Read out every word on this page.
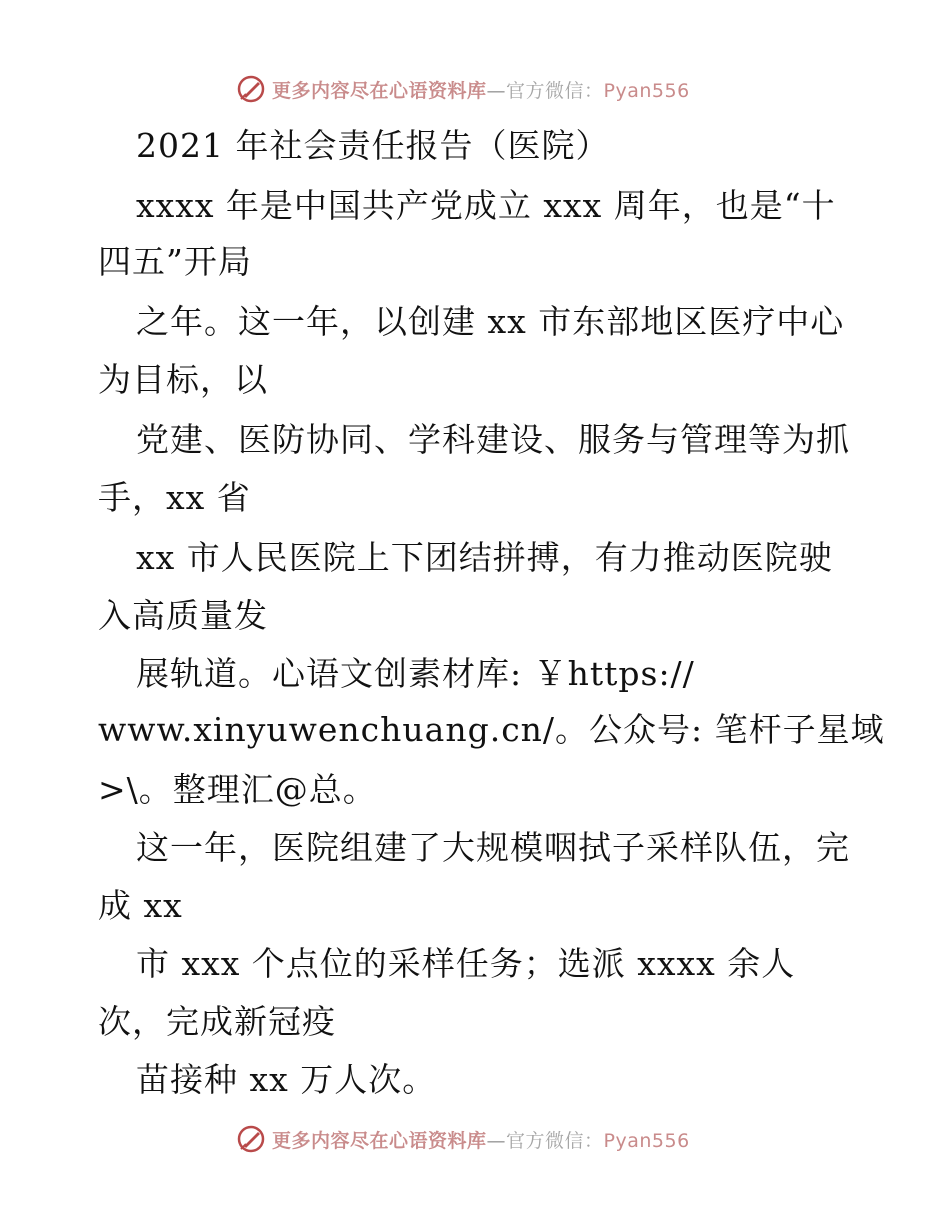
更多内容尽在心语资料库—官方微信：Pyan556
2021 年社会责任报告（医院）
xxxx 年是中国共产党成立 xxx 周年，也是“十
四五”开局
之年。这一年，以创建 xx 市东部地区医疗中心
为目标，以
党建、医防协同、学科建设、服务与管理等为抓
手，xx 省
xx 市人民医院上下团结拼搏，有力推动医院驶
入高质量发
展轨道。心语文创素材库: ￥https://
www.xinyuwenchuang.cn/。公众号: 笔杆子星域
>\。整理汇@总。
这一年，医院组建了大规模咽拭子采样队伍，完
成 xx
市 xxx 个点位的采样任务；选派 xxxx 余人
次，完成新冠疫
苗接种 xx 万人次。
更多内容尽在心语资料库—官方微信：Pyan556
